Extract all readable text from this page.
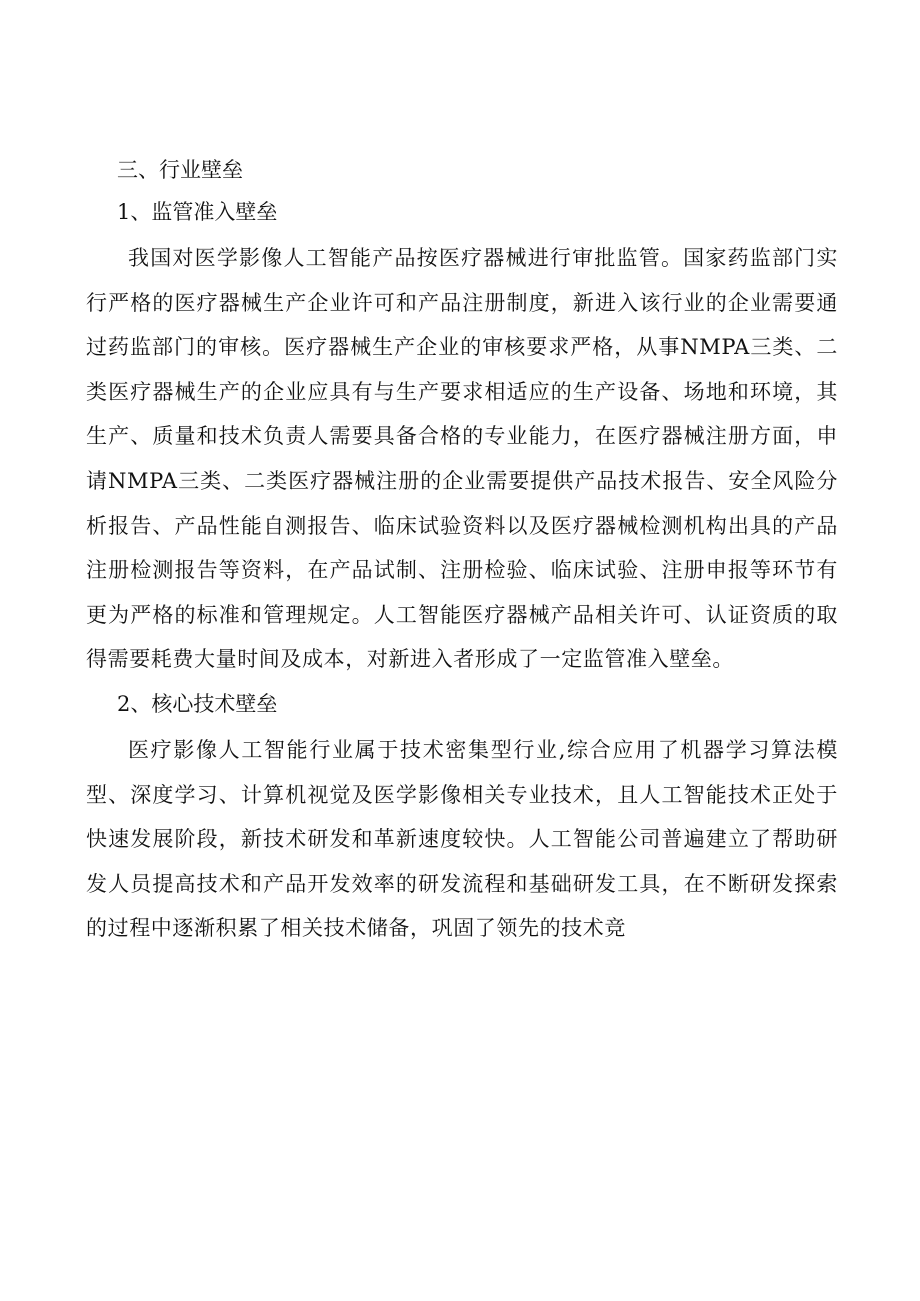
三、行业壁垒

1、监管准入壁垒

我国对医学影像人工智能产品按医疗器械进行审批监管。国家药监部门实行严格的医疗器械生产企业许可和产品注册制度，新进入该行业的企业需要通过药监部门的审核。医疗器械生产企业的审核要求严格，从事NMPA三类、二类医疗器械生产的企业应具有与生产要求相适应的生产设备、场地和环境，其生产、质量和技术负责人需要具备合格的专业能力，在医疗器械注册方面，申请NMPA三类、二类医疗器械注册的企业需要提供产品技术报告、安全风险分析报告、产品性能自测报告、临床试验资料以及医疗器械检测机构出具的产品注册检测报告等资料，在产品试制、注册检验、临床试验、注册申报等环节有更为严格的标准和管理规定。人工智能医疗器械产品相关许可、认证资质的取得需要耗费大量时间及成本，对新进入者形成了一定监管准入壁垒。

2、核心技术壁垒

医疗影像人工智能行业属于技术密集型行业,综合应用了机器学习算法模型、深度学习、计算机视觉及医学影像相关专业技术，且人工智能技术正处于快速发展阶段，新技术研发和革新速度较快。人工智能公司普遍建立了帮助研发人员提高技术和产品开发效率的研发流程和基础研发工具，在不断研发探索的过程中逐渐积累了相关技术储备，巩固了领先的技术竞
